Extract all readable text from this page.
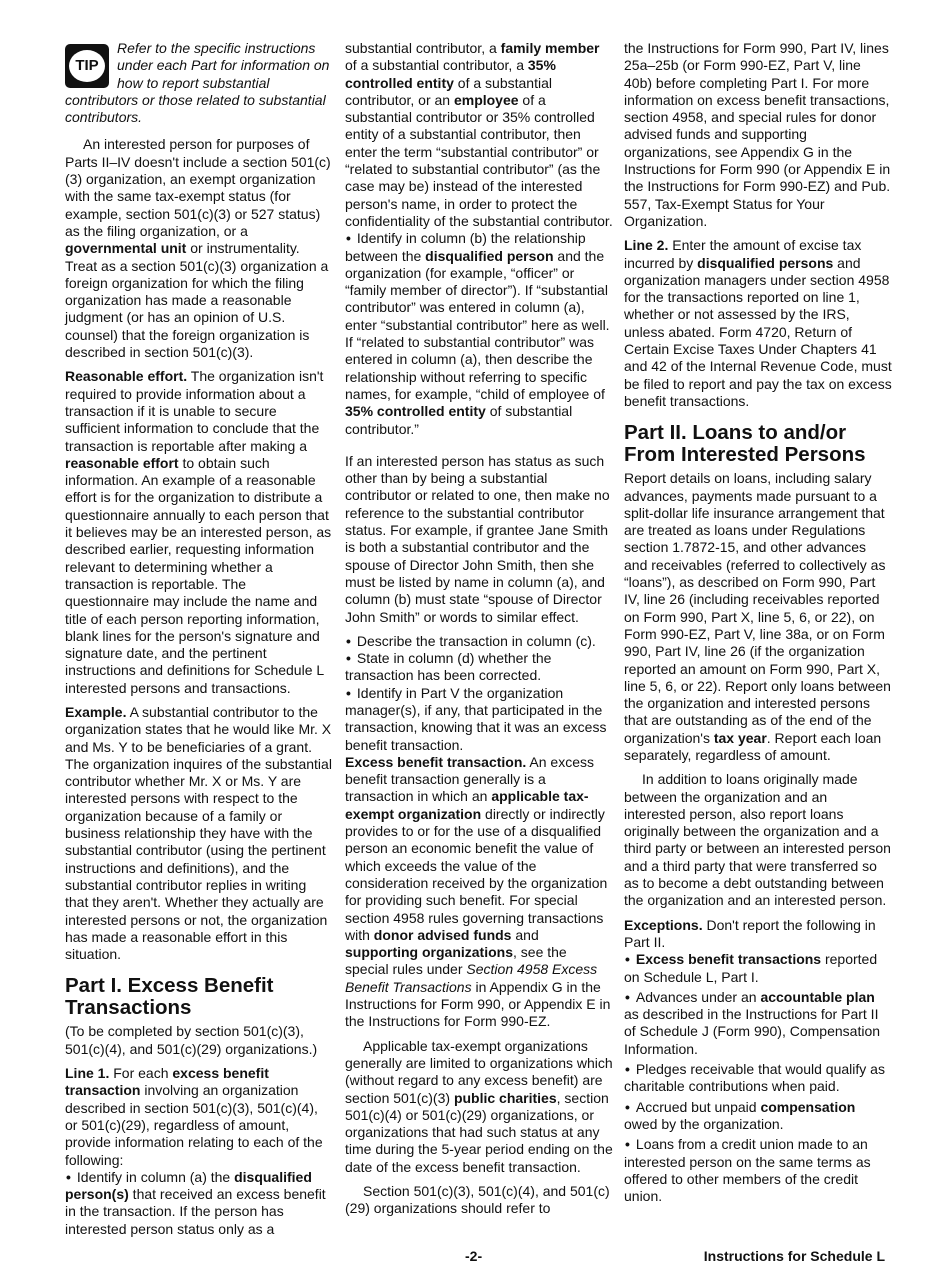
TIP
Refer to the specific instructions under each Part for information on how to report substantial contributors or those related to substantial contributors.
An interested person for purposes of Parts II–IV doesn't include a section 501(c)(3) organization, an exempt organization with the same tax-exempt status (for example, section 501(c)(3) or 527 status) as the filing organization, or a governmental unit or instrumentality. Treat as a section 501(c)(3) organization a foreign organization for which the filing organization has made a reasonable judgment (or has an opinion of U.S. counsel) that the foreign organization is described in section 501(c)(3).
Reasonable effort. The organization isn't required to provide information about a transaction if it is unable to secure sufficient information to conclude that the transaction is reportable after making a reasonable effort to obtain such information. An example of a reasonable effort is for the organization to distribute a questionnaire annually to each person that it believes may be an interested person, as described earlier, requesting information relevant to determining whether a transaction is reportable. The questionnaire may include the name and title of each person reporting information, blank lines for the person's signature and signature date, and the pertinent instructions and definitions for Schedule L interested persons and transactions.
Example. A substantial contributor to the organization states that he would like Mr. X and Ms. Y to be beneficiaries of a grant. The organization inquires of the substantial contributor whether Mr. X or Ms. Y are interested persons with respect to the organization because of a family or business relationship they have with the substantial contributor (using the pertinent instructions and definitions), and the substantial contributor replies in writing that they aren't. Whether they actually are interested persons or not, the organization has made a reasonable effort in this situation.
Part I. Excess Benefit Transactions
(To be completed by section 501(c)(3), 501(c)(4), and 501(c)(29) organizations.)
Line 1. For each excess benefit transaction involving an organization described in section 501(c)(3), 501(c)(4), or 501(c)(29), regardless of amount, provide information relating to each of the following:
• Identify in column (a) the disqualified person(s) that received an excess benefit in the transaction. If the person has interested person status only as a
substantial contributor, a family member of a substantial contributor, a 35% controlled entity of a substantial contributor, or an employee of a substantial contributor or 35% controlled entity of a substantial contributor, then enter the term “substantial contributor” or “related to substantial contributor” (as the case may be) instead of the interested person's name, in order to protect the confidentiality of the substantial contributor.
• Identify in column (b) the relationship between the disqualified person and the organization (for example, “officer” or “family member of director”). If “substantial contributor” was entered in column (a), enter “substantial contributor” here as well. If “related to substantial contributor” was entered in column (a), then describe the relationship without referring to specific names, for example, “child of employee of 35% controlled entity of substantial contributor.”
If an interested person has status as such other than by being a substantial contributor or related to one, then make no reference to the substantial contributor status. For example, if grantee Jane Smith is both a substantial contributor and the spouse of Director John Smith, then she must be listed by name in column (a), and column (b) must state “spouse of Director John Smith” or words to similar effect.
• Describe the transaction in column (c).
• State in column (d) whether the transaction has been corrected.
• Identify in Part V the organization manager(s), if any, that participated in the transaction, knowing that it was an excess benefit transaction.
Excess benefit transaction. An excess benefit transaction generally is a transaction in which an applicable tax-exempt organization directly or indirectly provides to or for the use of a disqualified person an economic benefit the value of which exceeds the value of the consideration received by the organization for providing such benefit. For special section 4958 rules governing transactions with donor advised funds and supporting organizations, see the special rules under Section 4958 Excess Benefit Transactions in Appendix G in the Instructions for Form 990, or Appendix E in the Instructions for Form 990-EZ.
Applicable tax-exempt organizations generally are limited to organizations which (without regard to any excess benefit) are section 501(c)(3) public charities, section 501(c)(4) or 501(c)(29) organizations, or organizations that had such status at any time during the 5-year period ending on the date of the excess benefit transaction.
Section 501(c)(3), 501(c)(4), and 501(c)(29) organizations should refer to
the Instructions for Form 990, Part IV, lines 25a–25b (or Form 990-EZ, Part V, line 40b) before completing Part I. For more information on excess benefit transactions, section 4958, and special rules for donor advised funds and supporting organizations, see Appendix G in the Instructions for Form 990 (or Appendix E in the Instructions for Form 990-EZ) and Pub. 557, Tax-Exempt Status for Your Organization.
Line 2. Enter the amount of excise tax incurred by disqualified persons and organization managers under section 4958 for the transactions reported on line 1, whether or not assessed by the IRS, unless abated. Form 4720, Return of Certain Excise Taxes Under Chapters 41 and 42 of the Internal Revenue Code, must be filed to report and pay the tax on excess benefit transactions.
Part II. Loans to and/or From Interested Persons
Report details on loans, including salary advances, payments made pursuant to a split-dollar life insurance arrangement that are treated as loans under Regulations section 1.7872-15, and other advances and receivables (referred to collectively as “loans”), as described on Form 990, Part IV, line 26 (including receivables reported on Form 990, Part X, line 5, 6, or 22), on Form 990-EZ, Part V, line 38a, or on Form 990, Part IV, line 26 (if the organization reported an amount on Form 990, Part X, line 5, 6, or 22). Report only loans between the organization and interested persons that are outstanding as of the end of the organization's tax year. Report each loan separately, regardless of amount.
In addition to loans originally made between the organization and an interested person, also report loans originally between the organization and a third party or between an interested person and a third party that were transferred so as to become a debt outstanding between the organization and an interested person.
Exceptions. Don't report the following in Part II.
• Excess benefit transactions reported on Schedule L, Part I.
• Advances under an accountable plan as described in the Instructions for Part II of Schedule J (Form 990), Compensation Information.
• Pledges receivable that would qualify as charitable contributions when paid.
• Accrued but unpaid compensation owed by the organization.
• Loans from a credit union made to an interested person on the same terms as offered to other members of the credit union.
-2-	Instructions for Schedule L
